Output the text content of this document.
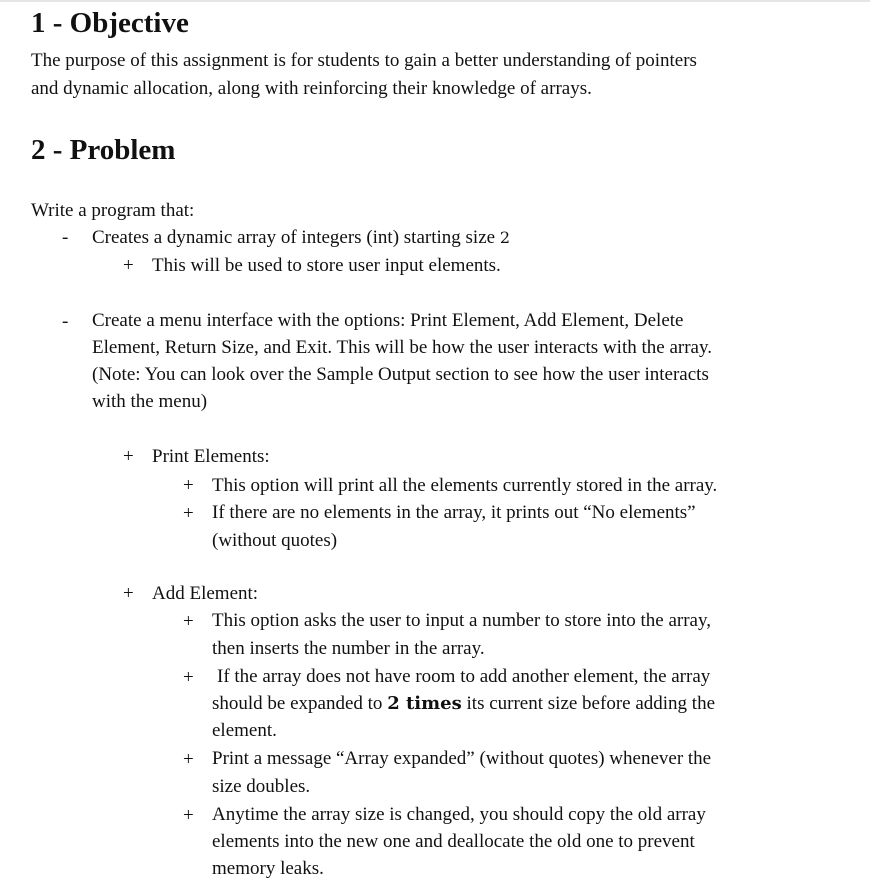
1 - Objective

The purpose of this assignment is for students to gain a better understanding of pointers
and dynamic allocation, along with reinforcing their knowledge of arrays.

2 - Problem
Write a program that:
- Creates a dynamic array of integers (int) starting size 2
+ This will be used to store user input elements.
- Create a menu interface with the options: Print Element, Add Element, Delete
Element, Return Size, and Exit. This will be how the user interacts with the array.
(Note: You can look over the Sample Output section to see how the user interacts
with the menu)
+ Print Elements:
+ This option will print all the elements currently stored in the array.
+ If there are no elements in the array, it prints out “No elements”
(without quotes)
+ Add Element:
+ This option asks the user to input a number to store into the array,
then inserts the number in the array.
+ If the array does not have room to add another element, the array
should be expanded to 2 times its current size before adding the
element.
+ Print a message “Array expanded” (without quotes) whenever the
size doubles.
+ Anytime the array size is changed, you should copy the old array
elements into the new one and deallocate the old one to prevent
memory leaks.
